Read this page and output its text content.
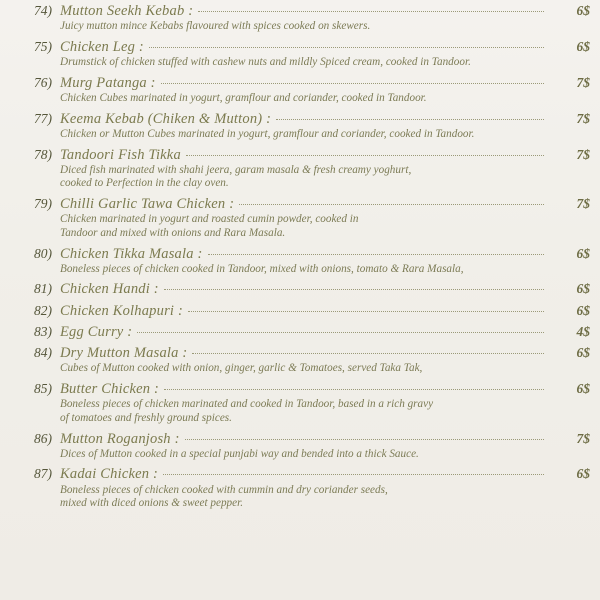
74) Mutton Seekh Kebab :	6$
Juicy mutton mince Kebabs flavoured with spices cooked on skewers.
75) Chicken Leg :	6$
Drumstick of chicken stuffed with cashew nuts and mildly Spiced cream, cooked in Tandoor.
76) Murg Patanga :	7$
Chicken Cubes marinated in yogurt, gramflour and coriander, cooked in Tandoor.
77) Keema Kebab (Chiken & Mutton) :	7$
Chicken or Mutton Cubes marinated in yogurt, gramflour and coriander, cooked in Tandoor.
78) Tandoori Fish Tikka	7$
Diced fish marinated with shahi jeera, garam masala & fresh creamy yoghurt,
cooked to Perfection in the clay oven.
79) Chilli Garlic Tawa Chicken :	7$
Chicken marinated in yogurt and roasted cumin powder, cooked in
Tandoor and mixed with onions and Rara Masala.
80) Chicken Tikka Masala :	6$
Boneless pieces of chicken cooked in Tandoor, mixed with onions, tomato & Rara Masala,
81) Chicken Handi :	6$
82) Chicken Kolhapuri :	6$
83) Egg Curry :	4$
84) Dry Mutton Masala :	6$
Cubes of Mutton cooked with onion, ginger, garlic & Tomatoes, served Taka Tak,
85) Butter Chicken :	6$
Boneless pieces of chicken marinated and cooked in Tandoor, based in a rich gravy
of tomatoes and freshly ground spices.
86) Mutton Roganjosh :	7$
Dices of Mutton cooked in a special punjabi way and bended into a thick Sauce.
87) Kadai Chicken :	6$
Boneless pieces of chicken cooked with cummin and dry coriander seeds,
mixed with diced onions & sweet pepper.
